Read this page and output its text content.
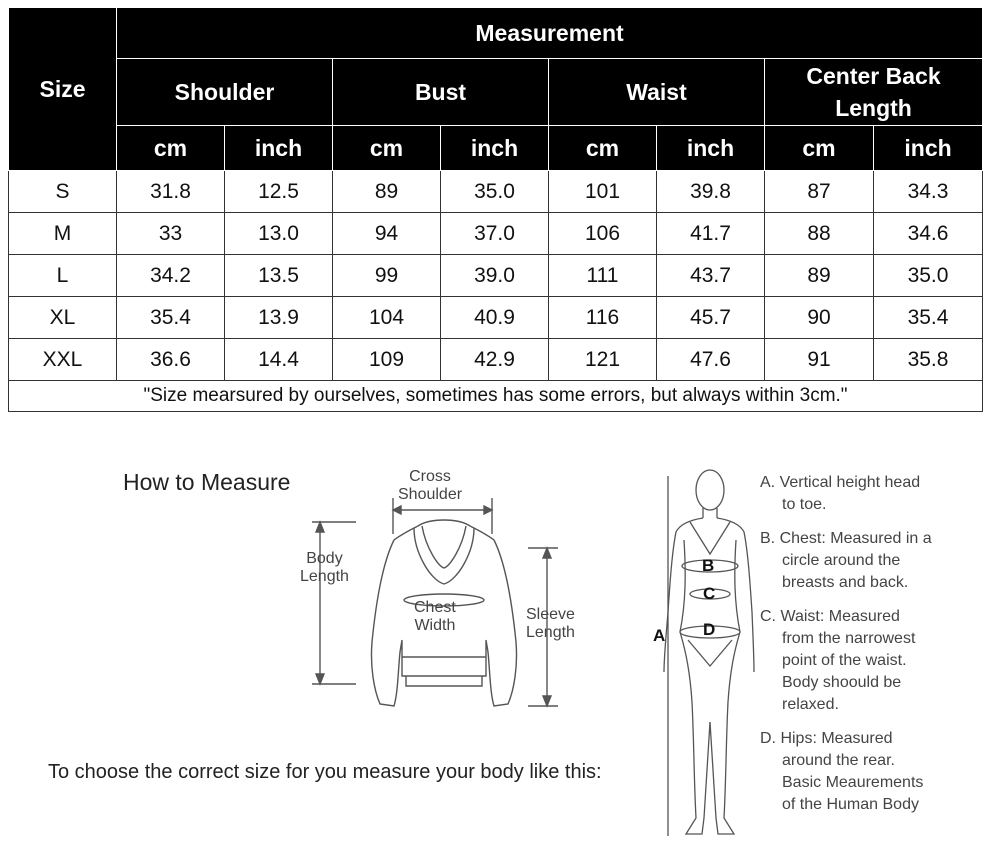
Size	Measurement							
	Shoulder		Bust		Waist		Center Back Length	
	cm	inch	cm	inch	cm	inch	cm	inch
S	31.8	12.5	89	35.0	101	39.8	87	34.3
M	33	13.0	94	37.0	106	41.7	88	34.6
L	34.2	13.5	99	39.0	111	43.7	89	35.0
XL	35.4	13.9	104	40.9	116	45.7	90	35.4
XXL	36.6	14.4	109	42.9	121	47.6	91	35.8
"Size mearsured by ourselves, sometimes has some errors, but always within 3cm."								
How to Measure	Cross
Shoulder
Body
Length
Chest
Width
Sleeve
Length
To choose the correct size for you measure your body like this:
B
C
D
A
A. Vertical height head
to toe.
B. Chest: Measured in a
circle around the
breasts and back.
C. Waist: Measured
from the narrowest
point of the waist.
Body shoould be
relaxed.
D. Hips: Measured
around the rear.
Basic Meaurements
of the Human Body
